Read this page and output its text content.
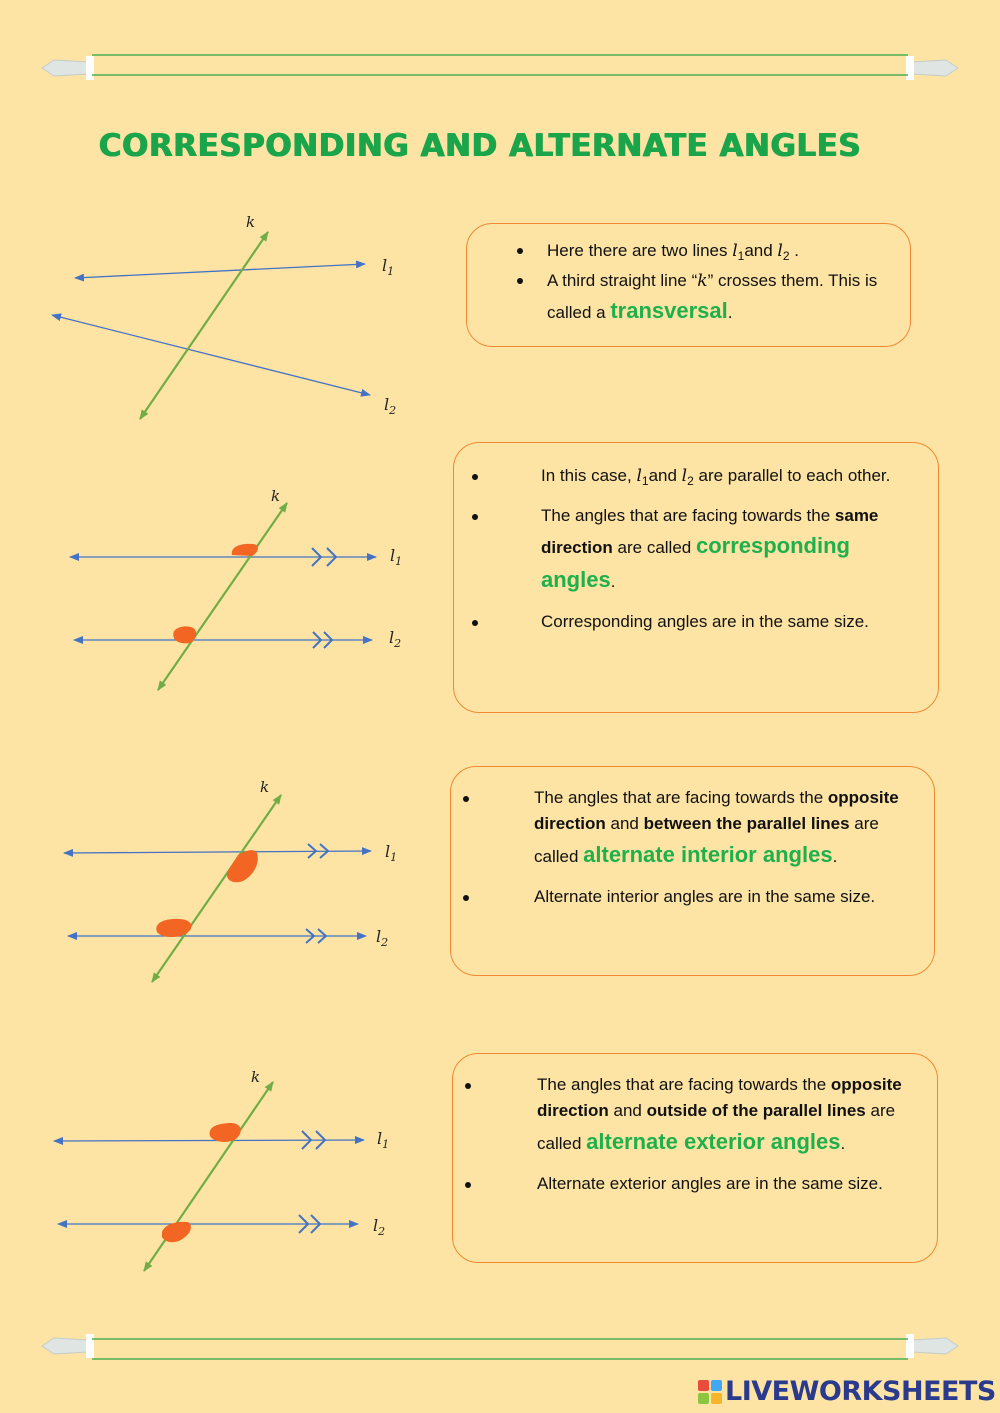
CORRESPONDING AND ALTERNATE ANGLES
k
$l_1$
$l_2$
k
$l_1$
$l_2$
k
$l_1$
$l_2$
k
$l_1$
$l_2$
Here there are two lines $l_1and$ $l_2$ .
A third straight line “k” crosses them. This is called a transversal.
In this case, $l_1and$ $l_2$ are parallel to each other.
The angles that are facing towards the same direction are called corresponding angles.
Corresponding angles are in the same size.
The angles that are facing towards the opposite direction and between the parallel lines are called alternate interior angles.
Alternate interior angles are in the same size.
The angles that are facing towards the opposite direction and outside of the parallel lines are called alternate exterior angles.
Alternate exterior angles are in the same size.
LIVEWORKSHEETS
